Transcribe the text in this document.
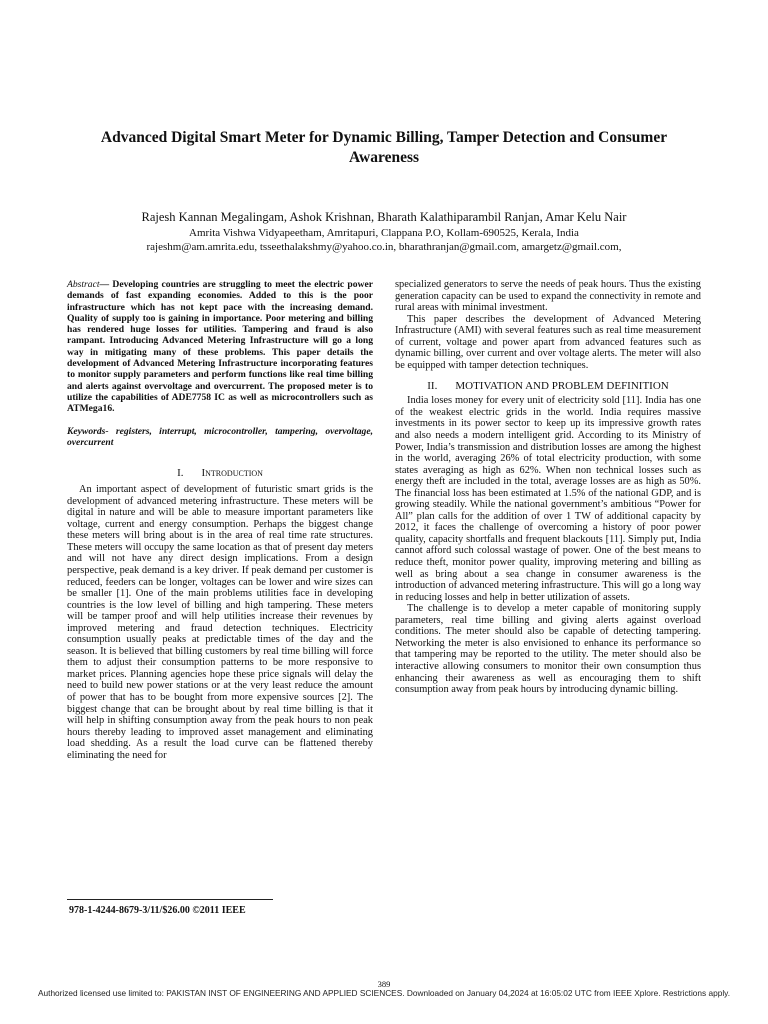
Advanced Digital Smart Meter for Dynamic Billing, Tamper Detection and Consumer Awareness
Rajesh Kannan Megalingam, Ashok Krishnan, Bharath Kalathiparambil Ranjan, Amar Kelu Nair
Amrita Vishwa Vidyapeetham, Amritapuri, Clappana P.O, Kollam-690525, Kerala, India
rajeshm@am.amrita.edu, tsseethalakshmy@yahoo.co.in, bharathranjan@gmail.com, amargetz@gmail.com,

Abstract— Developing countries are struggling to meet the electric power demands of fast expanding economies. Added to this is the poor infrastructure which has not kept pace with the increasing demand. Quality of supply too is gaining in importance. Poor metering and billing has rendered huge losses for utilities. Tampering and fraud is also rampant. Introducing Advanced Metering Infrastructure will go a long way in mitigating many of these problems. This paper details the development of Advanced Metering Infrastructure incorporating features to monitor supply parameters and perform functions like real time billing and alerts against overvoltage and overcurrent. The proposed meter is to utilize the capabilities of ADE7758 IC as well as microcontrollers such as ATMega16.

Keywords- registers, interrupt, microcontroller, tampering, overvoltage, overcurrent

I. Introduction

An important aspect of development of futuristic smart grids is the development of advanced metering infrastructure. These meters will be digital in nature and will be able to measure important parameters like voltage, current and energy consumption. Perhaps the biggest change these meters will bring about is in the area of real time rate structures. These meters will occupy the same location as that of present day meters and will not have any direct design implications. From a design perspective, peak demand is a key driver. If peak demand per customer is reduced, feeders can be longer, voltages can be lower and wire sizes can be smaller [1]. One of the main problems utilities face in developing countries is the low level of billing and high tampering. These meters will be tamper proof and will help utilities increase their revenues by improved metering and fraud detection techniques. Electricity consumption usually peaks at predictable times of the day and the season. It is believed that billing customers by real time billing will force them to adjust their consumption patterns to be more responsive to market prices. Planning agencies hope these price signals will delay the need to build new power stations or at the very least reduce the amount of power that has to be bought from more expensive sources [2]. The biggest change that can be brought about by real time billing is that it will help in shifting consumption away from the peak hours to non peak hours thereby leading to improved asset management and eliminating load shedding. As a result the load curve can be flattened thereby eliminating the need for

specialized generators to serve the needs of peak hours. Thus the existing generation capacity can be used to expand the connectivity in remote and rural areas with minimal investment.

This paper describes the development of Advanced Metering Infrastructure (AMI) with several features such as real time measurement of current, voltage and power apart from advanced features such as dynamic billing, over current and over voltage alerts. The meter will also be equipped with tamper detection techniques.

II. MOTIVATION AND PROBLEM DEFINITION

India loses money for every unit of electricity sold [11]. India has one of the weakest electric grids in the world. India requires massive investments in its power sector to keep up its impressive growth rates and also needs a modern intelligent grid. According to its Ministry of Power, India’s transmission and distribution losses are among the highest in the world, averaging 26% of total electricity production, with some states averaging as high as 62%. When non technical losses such as energy theft are included in the total, average losses are as high as 50%. The financial loss has been estimated at 1.5% of the national GDP, and is growing steadily. While the national government’s ambitious “Power for All” plan calls for the addition of over 1 TW of additional capacity by 2012, it faces the challenge of overcoming a history of poor power quality, capacity shortfalls and frequent blackouts [11]. Simply put, India cannot afford such colossal wastage of power. One of the best means to reduce theft, monitor power quality, improving metering and billing as well as bring about a sea change in consumer awareness is the introduction of advanced metering infrastructure. This will go a long way in reducing losses and help in better utilization of assets.

The challenge is to develop a meter capable of monitoring supply parameters, real time billing and giving alerts against overload conditions. The meter should also be capable of detecting tampering. Networking the meter is also envisioned to enhance its performance so that tampering may be reported to the utility. The meter should also be interactive allowing consumers to monitor their own consumption thus enhancing their awareness as well as encouraging them to shift consumption away from peak hours by introducing dynamic billing.

978-1-4244-8679-3/11/$26.00 ©2011 IEEE
389
Authorized licensed use limited to: PAKISTAN INST OF ENGINEERING AND APPLIED SCIENCES. Downloaded on January 04,2024 at 16:05:02 UTC from IEEE Xplore. Restrictions apply.
